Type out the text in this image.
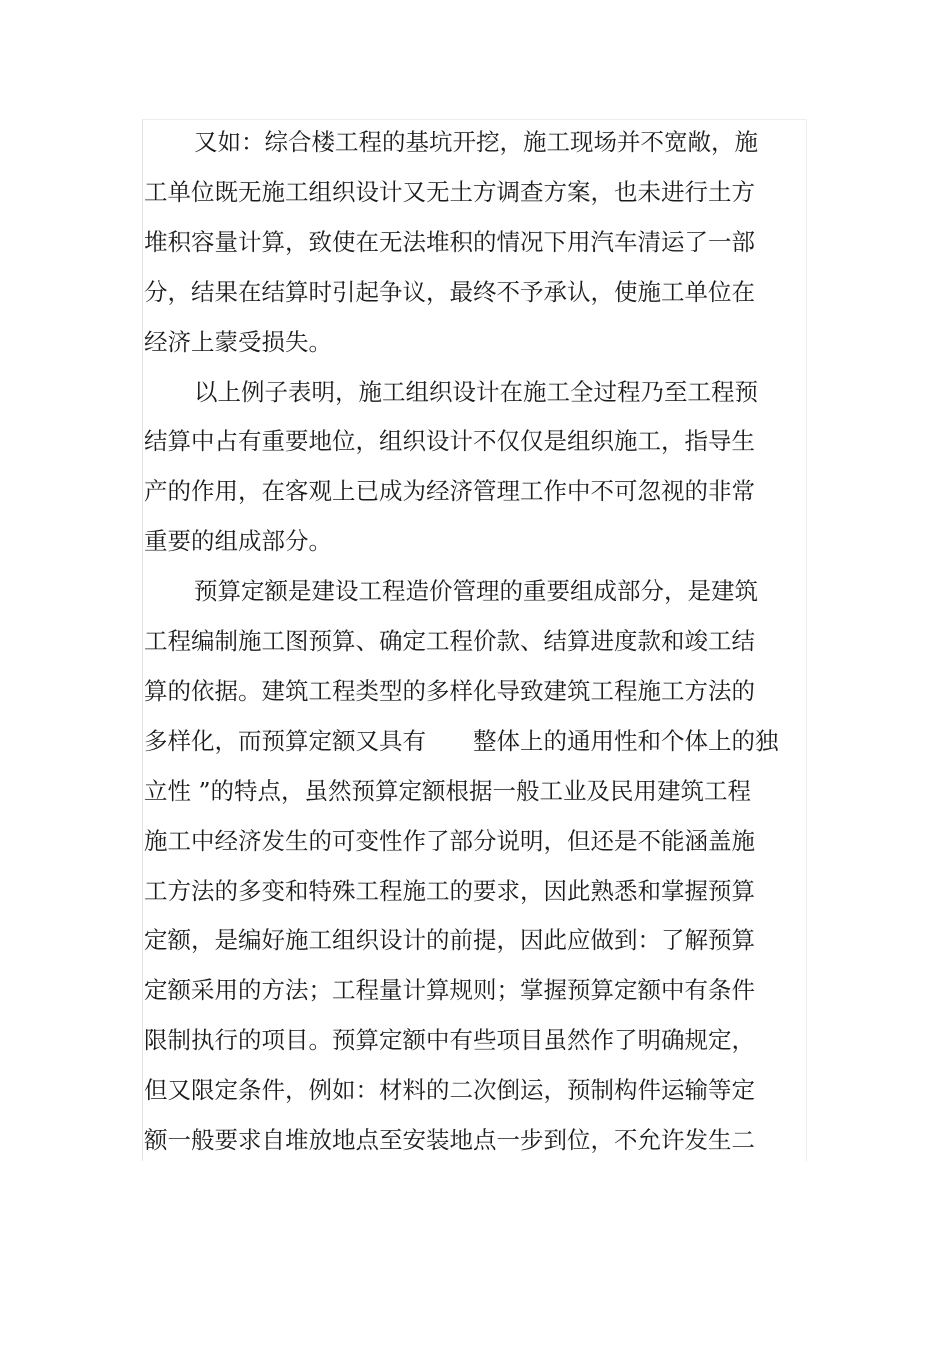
又如：综合楼工程的基坑开挖，施工现场并不宽敞，施
工单位既无施工组织设计又无土方调查方案，也未进行土方
堆积容量计算，致使在无法堆积的情况下用汽车清运了一部
分，结果在结算时引起争议，最终不予承认，使施工单位在
经济上蒙受损失。
以上例子表明，施工组织设计在施工全过程乃至工程预
结算中占有重要地位，组织设计不仅仅是组织施工，指导生
产的作用，在客观上已成为经济管理工作中不可忽视的非常
重要的组成部分。
预算定额是建设工程造价管理的重要组成部分，是建筑
工程编制施工图预算、确定工程价款、结算进度款和竣工结
算的依据。建筑工程类型的多样化导致建筑工程施工方法的
多样化，而预算定额又具有　　整体上的通用性和个体上的独
立性 ”的特点，虽然预算定额根据一般工业及民用建筑工程
施工中经济发生的可变性作了部分说明，但还是不能涵盖施
工方法的多变和特殊工程施工的要求，因此熟悉和掌握预算
定额，是编好施工组织设计的前提，因此应做到：了解预算
定额采用的方法；工程量计算规则；掌握预算定额中有条件
限制执行的项目。预算定额中有些项目虽然作了明确规定，
但又限定条件，例如：材料的二次倒运，预制构件运输等定
额一般要求自堆放地点至安装地点一步到位，不允许发生二
